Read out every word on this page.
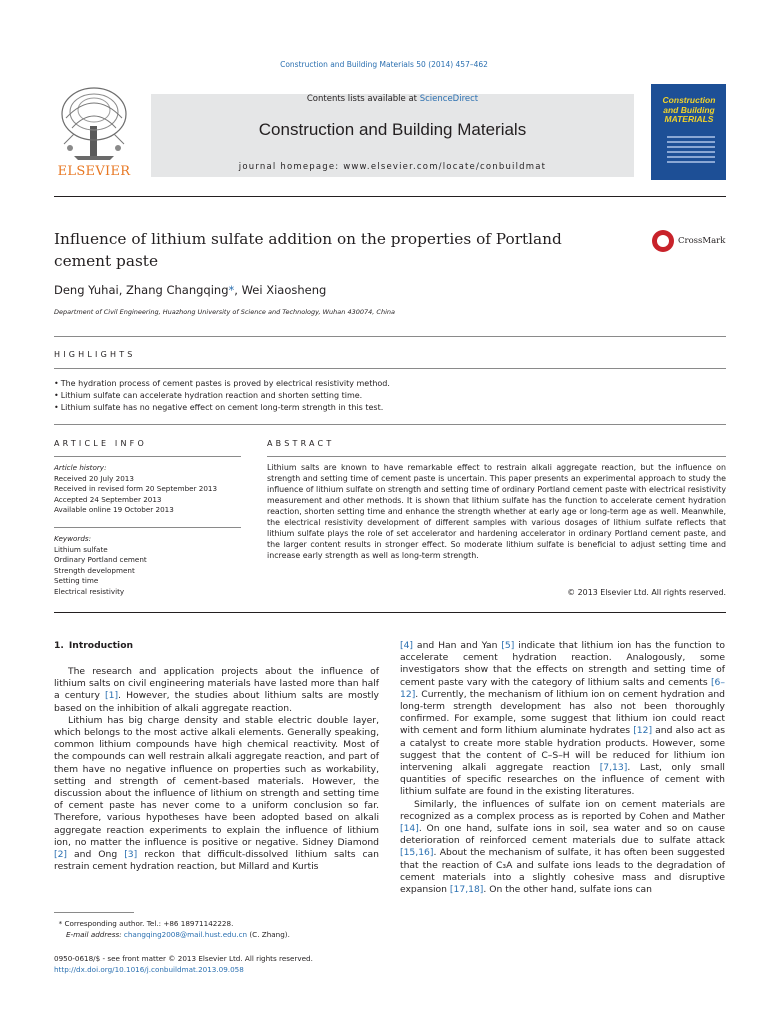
Construction and Building Materials 50 (2014) 457–462
ELSEVIER
Contents lists available at ScienceDirect
Construction and Building Materials
journal homepage: www.elsevier.com/locate/conbuildmat
Construction and Building MATERIALS
Influence of lithium sulfate addition on the properties of Portland cement paste
CrossMark
Deng Yuhai, Zhang Changqing*, Wei Xiaosheng
Department of Civil Engineering, Huazhong University of Science and Technology, Wuhan 430074, China
HIGHLIGHTS
• The hydration process of cement pastes is proved by electrical resistivity method.
• Lithium sulfate can accelerate hydration reaction and shorten setting time.
• Lithium sulfate has no negative effect on cement long-term strength in this test.
ARTICLE INFO	ABSTRACT
Article history:
Received 20 July 2013
Received in revised form 20 September 2013
Accepted 24 September 2013
Available online 19 October 2013
Keywords:
Lithium sulfate
Ordinary Portland cement
Strength development
Setting time
Electrical resistivity
Lithium salts are known to have remarkable effect to restrain alkali aggregate reaction, but the influence on strength and setting time of cement paste is uncertain. This paper presents an experimental approach to study the influence of lithium sulfate on strength and setting time of ordinary Portland cement paste with electrical resistivity measurement and other methods. It is shown that lithium sulfate has the function to accelerate cement hydration reaction, shorten setting time and enhance the strength whether at early age or long-term age as well. Meanwhile, the electrical resistivity development of different samples with various dosages of lithium sulfate reflects that lithium sulfate plays the role of set accelerator and hardening accelerator in ordinary Portland cement paste, and the larger content results in stronger effect. So moderate lithium sulfate is beneficial to adjust setting time and increase early strength as well as long-term strength.
© 2013 Elsevier Ltd. All rights reserved.
1. Introduction

The research and application projects about the influence of lithium salts on civil engineering materials have lasted more than half a century [1]. However, the studies about lithium salts are mostly based on the inhibition of alkali aggregate reaction.

Lithium has big charge density and stable electric double layer, which belongs to the most active alkali elements. Generally speaking, common lithium compounds have high chemical reactivity. Most of the compounds can well restrain alkali aggregate reaction, and part of them have no negative influence on properties such as workability, setting and strength of cement-based materials. However, the discussion about the influence of lithium on strength and setting time of cement paste has never come to a uniform conclusion so far. Therefore, various hypotheses have been adopted based on alkali aggregate reaction experiments to explain the influence of lithium ion, no matter the influence is positive or negative. Sidney Diamond [2] and Ong [3] reckon that difficult-dissolved lithium salts can restrain cement hydration reaction, but Millard and Kurtis

[4] and Han and Yan [5] indicate that lithium ion has the function to accelerate cement hydration reaction. Analogously, some investigators show that the effects on strength and setting time of cement paste vary with the category of lithium salts and cements [6–12]. Currently, the mechanism of lithium ion on cement hydration and long-term strength development has also not been thoroughly confirmed. For example, some suggest that lithium ion could react with cement and form lithium aluminate hydrates [12] and also act as a catalyst to create more stable hydration products. However, some suggest that the content of C–S–H will be reduced for lithium ion intervening alkali aggregate reaction [7,13]. Last, only small quantities of specific researches on the influence of cement with lithium sulfate are found in the existing literatures.

Similarly, the influences of sulfate ion on cement materials are recognized as a complex process as is reported by Cohen and Mather [14]. On one hand, sulfate ions in soil, sea water and so on cause deterioration of reinforced cement materials due to sulfate attack [15,16]. About the mechanism of sulfate, it has often been suggested that the reaction of C₃A and sulfate ions leads to the degradation of cement materials into a slightly cohesive mass and disruptive expansion [17,18]. On the other hand, sulfate ions can

* Corresponding author. Tel.: +86 18971142228.
E-mail address: changqing2008@mail.hust.edu.cn (C. Zhang).
0950-0618/$ - see front matter © 2013 Elsevier Ltd. All rights reserved.
http://dx.doi.org/10.1016/j.conbuildmat.2013.09.058
